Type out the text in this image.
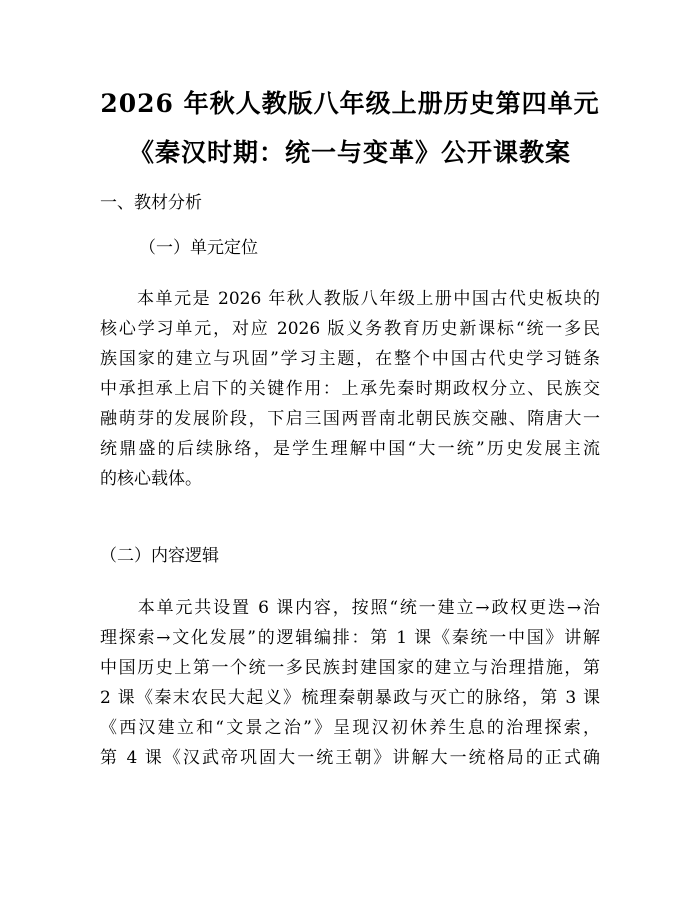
2026 年秋人教版八年级上册历史第四单元
《秦汉时期：统一与变革》公开课教案
一、教材分析
（一）单元定位
　　本单元是 2026 年秋人教版八年级上册中国古代史板块的
核心学习单元，对应 2026 版义务教育历史新课标“统一多民
族国家的建立与巩固”学习主题，在整个中国古代史学习链条
中承担承上启下的关键作用：上承先秦时期政权分立、民族交
融萌芽的发展阶段，下启三国两晋南北朝民族交融、隋唐大一
统鼎盛的后续脉络，是学生理解中国“大一统”历史发展主流
的核心载体。
（二）内容逻辑
　　本单元共设置 6 课内容，按照“统一建立→政权更迭→治
理探索→文化发展”的逻辑编排：第 1 课《秦统一中国》讲解
中国历史上第一个统一多民族封建国家的建立与治理措施，第
2 课《秦末农民大起义》梳理秦朝暴政与灭亡的脉络，第 3 课
《西汉建立和“文景之治”》呈现汉初休养生息的治理探索，
第 4 课《汉武帝巩固大一统王朝》讲解大一统格局的正式确
